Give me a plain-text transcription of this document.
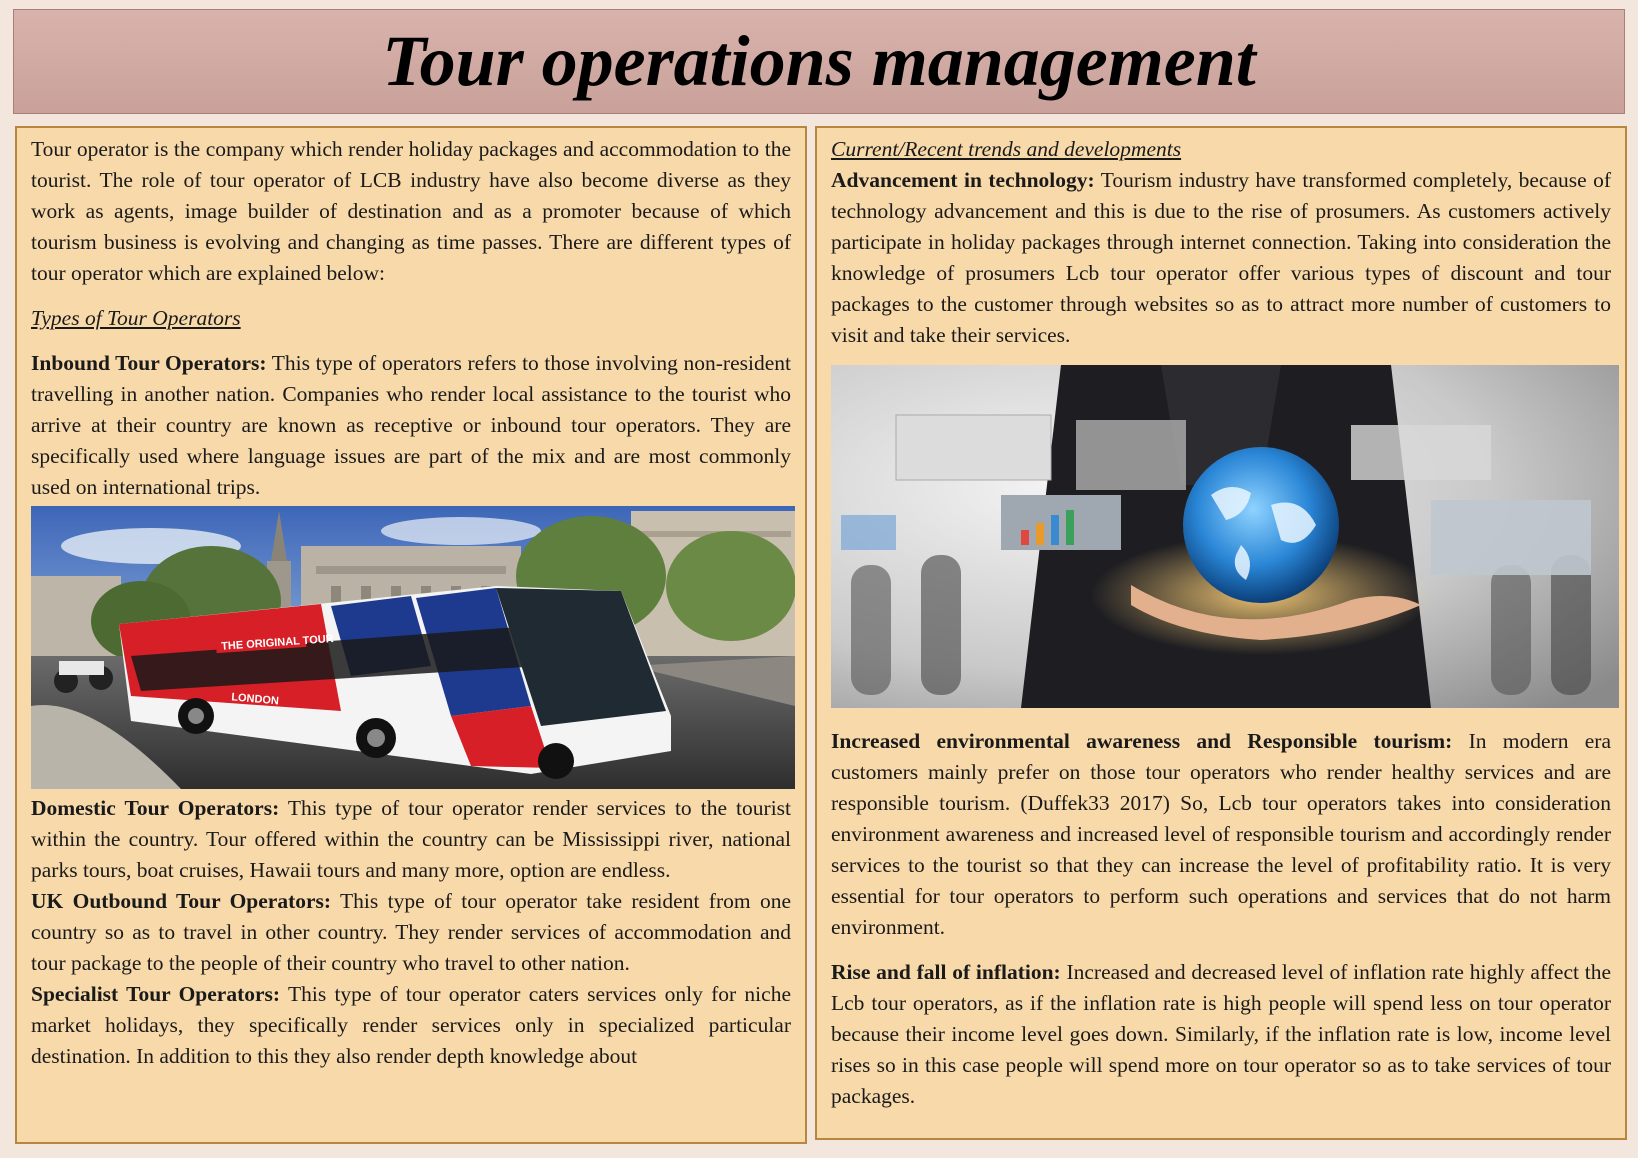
Tour operations management

Tour operator is the company which render holiday packages and accommodation to the tourist. The role of tour operator of LCB industry have also become diverse as they work as agents, image builder of destination and as a promoter because of which tourism business is evolving and changing as time passes. There are different types of tour operator which are explained below:

Types of Tour Operators

Inbound Tour Operators: This type of operators refers to those involving non-resident travelling in another nation. Companies who render local assistance to the tourist who arrive at their country are known as receptive or inbound tour operators. They are specifically used where language issues are part of the mix and are most commonly used on international trips.

THE ORIGINAL TOUR
LONDON

Domestic Tour Operators: This type of tour operator render services to the tourist within the country. Tour offered within the country can be Mississippi river, national parks tours, boat cruises, Hawaii tours and many more, option are endless.

UK Outbound Tour Operators: This type of tour operator take resident from one country so as to travel in other country. They render services of accommodation and tour package to the people of their country who travel to other nation.

Specialist Tour Operators: This type of tour operator caters services only for niche market holidays, they specifically render services only in specialized particular destination. In addition to this they also render depth knowledge about

Current/Recent trends and developments

Advancement in technology: Tourism industry have transformed completely, because of technology advancement and this is due to the rise of prosumers. As customers actively participate in holiday packages through internet connection. Taking into consideration the knowledge of prosumers Lcb tour operator offer various types of discount and tour packages to the customer through websites so as to attract more number of customers to visit and take their services.

Increased environmental awareness and Responsible tourism: In modern era customers mainly prefer on those tour operators who render healthy services and are responsible tourism. (Duffek33 2017) So, Lcb tour operators takes into consideration environment awareness and increased level of responsible tourism and accordingly render services to the tourist so that they can increase the level of profitability ratio. It is very essential for tour operators to perform such operations and services that do not harm environment.

Rise and fall of inflation: Increased and decreased level of inflation rate highly affect the Lcb tour operators, as if the inflation rate is high people will spend less on tour operator because their income level goes down. Similarly, if the inflation rate is low, income level rises so in this case people will spend more on tour operator so as to take services of tour packages.
